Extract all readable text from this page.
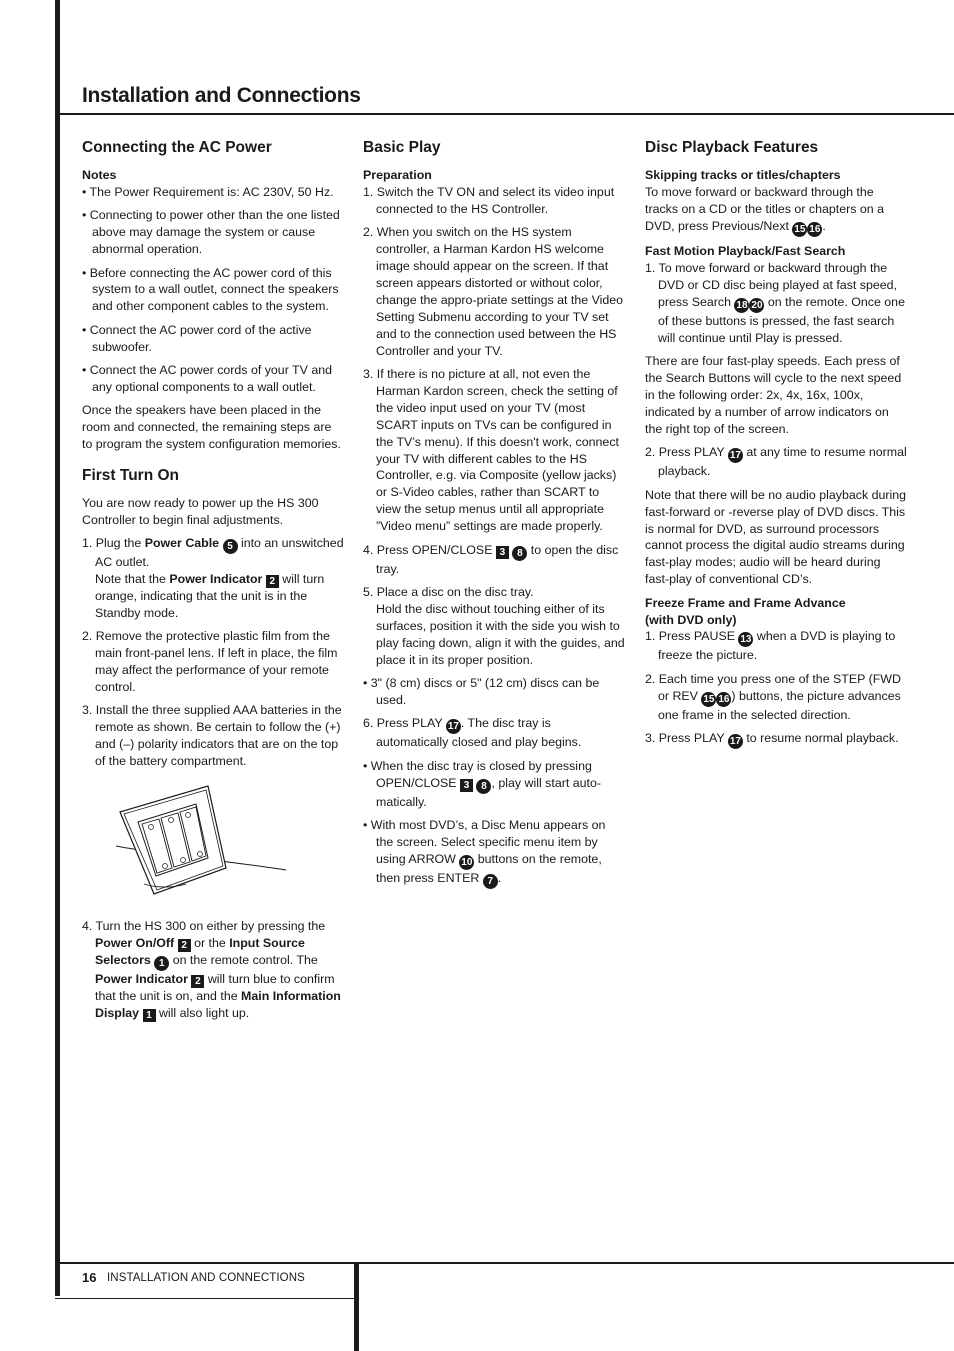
Installation and Connections
Connecting the AC Power
Notes

• The Power Requirement is: AC 230V, 50 Hz.

• Connecting to power other than the one listed above may damage the system or cause abnormal operation.

• Before connecting the AC power cord of this system to a wall outlet, connect the speakers and other component cables to the system.

• Connect the AC power cord of the active subwoofer.

• Connect the AC power cords of your TV and any optional components to a wall outlet.

Once the speakers have been placed in the room and connected, the remaining steps are to program the system configuration memories.

First Turn On

You are now ready to power up the HS 300 Controller to begin final adjustments.

1. Plug the Power Cable 5 into an unswitched AC outlet.
Note that the Power Indicator 2 will turn orange, indicating that the unit is in the Standby mode.
2. Remove the protective plastic film from the main front-panel lens. If left in place, the film may affect the performance of your remote control.
3. Install the three supplied AAA batteries in the remote as shown. Be certain to follow the (+) and (–) polarity indicators that are on the top of the battery compartment.
4. Turn the HS 300 on either by pressing the Power On/Off 2 or the Input Source Selectors 1 on the remote control. The Power Indicator 2 will turn blue to confirm that the unit is on, and the Main Information Display 1 will also light up.
Basic Play
Preparation
1. Switch the TV ON and select its video input connected to the HS Controller.
2. When you switch on the HS system controller, a Harman Kardon HS welcome image should appear on the screen. If that screen appears distorted or without color, change the appro-priate settings at the Video Setting Submenu according to your TV set and to the connection used between the HS Controller and your TV.
3. If there is no picture at all, not even the Harman Kardon screen, check the setting of the video input used on your TV (most SCART inputs on TVs can be configured in the TV’s menu). If this doesn't work, connect your TV with different cables to the HS Controller, e.g. via Composite (yellow jacks) or S-Video cables, rather than SCART to view the setup menus until all appropriate ”Video menu” settings are made properly.
4. Press OPEN/CLOSE 3 8 to open the disc tray.
5. Place a disc on the disc tray.
Hold the disc without touching either of its surfaces, position it with the side you wish to play facing down, align it with the guides, and place it in its proper position.
• 3" (8 cm) discs or 5" (12 cm) discs can be used.
6. Press PLAY 17 . The disc tray is automatically closed and play begins.
• When the disc tray is closed by pressing OPEN/CLOSE 3 8 , play will start auto-matically.
• With most DVD’s, a Disc Menu appears on the screen. Select specific menu item by using ARROW 10 buttons on the remote, then press ENTER 7 .
Disc Playback Features
Skipping tracks or titles/chapters

To move forward or backward through the tracks on a CD or the titles or chapters on a DVD, press Previous/Next 15 16 .

Fast Motion Playback/Fast Search
1. To move forward or backward through the DVD or CD disc being played at fast speed, press Search 18 20 on the remote. Once one of these buttons is pressed, the fast search will continue until Play is pressed.

There are four fast-play speeds. Each press of the Search Buttons will cycle to the next speed in the following order: 2x, 4x, 16x, 100x, indicated by a number of arrow indicators on the right top of the screen.

2. Press PLAY 17 at any time to resume normal playback.

Note that there will be no audio playback during fast-forward or -reverse play of DVD discs. This is normal for DVD, as surround processors cannot process the digital audio streams during fast-play modes; audio will be heard during fast-play of conventional CD’s.

Freeze Frame and Frame Advance
(with DVD only)
1. Press PAUSE 13 when a DVD is playing to freeze the picture.
2. Each time you press one of the STEP (FWD or REV 15 16 ) buttons, the picture advances one frame in the selected direction.
3. Press PLAY 17 to resume normal playback.
16 INSTALLATION AND CONNECTIONS
